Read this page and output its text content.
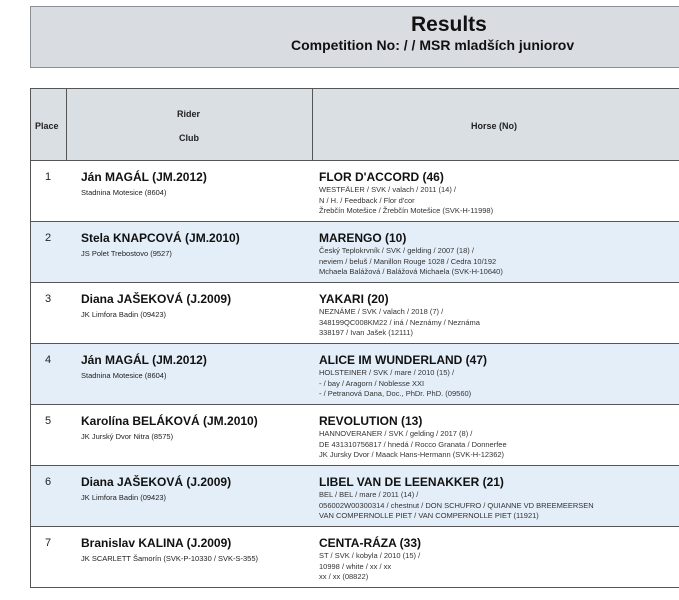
Results
Competition No: / / MSR mladších juniorov
Place
Rider
Club
Horse (No)
1 Ján MAGÁL (JM.2012)
Stadnina Motesice (8604)
FLOR D'ACCORD (46)
WESTFÄLER / SVK / valach / 2011 (14) /
N / H. / Feedback / Flor d'cor
Žrebčín Motešice / Žrebčín Motešice (SVK-H-11998)
2 Stela KNAPCOVÁ (JM.2010)
JS Polet Trebostovo (9527)
MARENGO (10)
Český Teplokrvník / SVK / gelding / 2007 (18) /
neviem / beluš / Manillon Rouge 1028 / Cedra 10/192
Mchaela Balážová / Balážová Michaela (SVK-H-10640)
3 Diana JAŠEKOVÁ (J.2009)
JK Limfora Badin (09423)
YAKARI (20)
NEZNÁME / SVK / valach / 2018 (7) /
348199QC008KM22 / iná / Neznámy / Neznáma
338197 / Ivan Jašek (12111)
4 Ján MAGÁL (JM.2012)
Stadnina Motesice (8604)
ALICE IM WUNDERLAND (47)
HOLSTEINER / SVK / mare / 2010 (15) /
- / bay / Aragorn / Noblesse XXI
- / Petranová Dana, Doc., PhDr. PhD. (09560)
5 Karolína BELÁKOVÁ (JM.2010)
JK Jurský Dvor Nitra (8575)
REVOLUTION (13)
HANNOVERANER / SVK / gelding / 2017 (8) /
DE 431310756817 / hnedá / Rocco Granata / Donnerfee
JK Jursky Dvor / Maack Hans-Hermann (SVK-H-12362)
6 Diana JAŠEKOVÁ (J.2009)
JK Limfora Badin (09423)
LIBEL VAN DE LEENAKKER (21)
BEL / BEL / mare / 2011 (14) /
056002W00300314 / chestnut / DON SCHUFRO / QUIANNE VD BREEMEERSEN
VAN COMPERNOLLE PIET / VAN COMPERNOLLE PIET (11921)
7 Branislav KALINA (J.2009)
JK SCARLETT Šamorín (SVK-P-10330 / SVK-S-355)
CENTA-RÁZA (33)
ST / SVK / kobyla / 2010 (15) /
10998 / white / xx / xx
xx / xx (08822)
